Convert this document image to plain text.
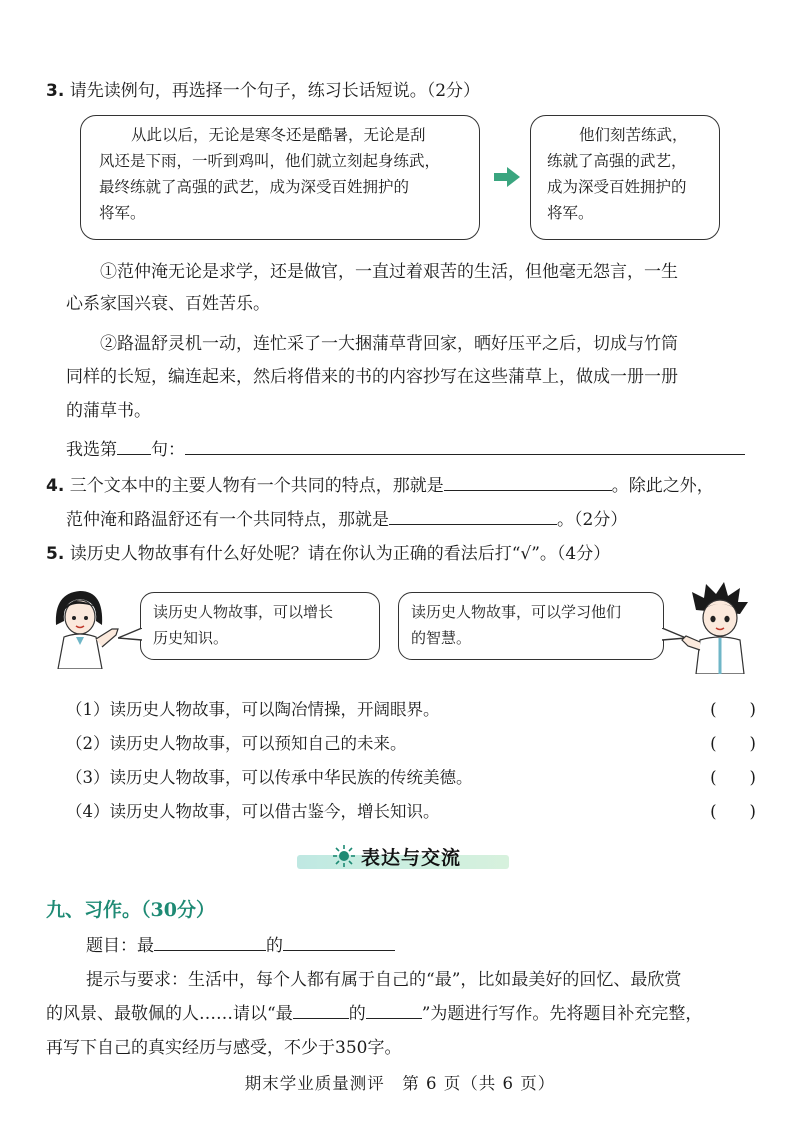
3. 请先读例句，再选择一个句子，练习长话短说。（2分）

从此以后，无论是寒冬还是酷暑，无论是刮

风还是下雨，一听到鸡叫，他们就立刻起身练武，

最终练就了高强的武艺，成为深受百姓拥护的

将军。

他们刻苦练武，

练就了高强的武艺，

成为深受百姓拥护的

将军。

①范仲淹无论是求学，还是做官，一直过着艰苦的生活，但他毫无怨言，一生
心系家国兴衰、百姓苦乐。
②路温舒灵机一动，连忙采了一大捆蒲草背回家，晒好压平之后，切成与竹筒
同样的长短，编连起来，然后将借来的书的内容抄写在这些蒲草上，做成一册一册
的蒲草书。
我选第 句：
4. 三个文本中的主要人物有一个共同的特点，那就是	。除此之外，
范仲淹和路温舒还有一个共同特点，那就是	。（2分）
5. 读历史人物故事有什么好处呢？请在你认为正确的看法后打“√”。（4分）
读历史人物故事，可以增长
历史知识。
读历史人物故事，可以学习他们
的智慧。
（1）读历史人物故事，可以陶冶情操，开阔眼界。	(　　)
（2）读历史人物故事，可以预知自己的未来。	(　　)
（3）读历史人物故事，可以传承中华民族的传统美德。	(　　)
（4）读历史人物故事，可以借古鉴今，增长知识。	(　　)
表达与交流
九、习作。（30分）
题目：最	的
提示与要求：生活中，每个人都有属于自己的“最”，比如最美好的回忆、最欣赏
的风景、最敬佩的人……请以“最	的	”为题进行写作。先将题目补充完整，
再写下自己的真实经历与感受，不少于350字。
期末学业质量测评　第 6 页（共 6 页）
